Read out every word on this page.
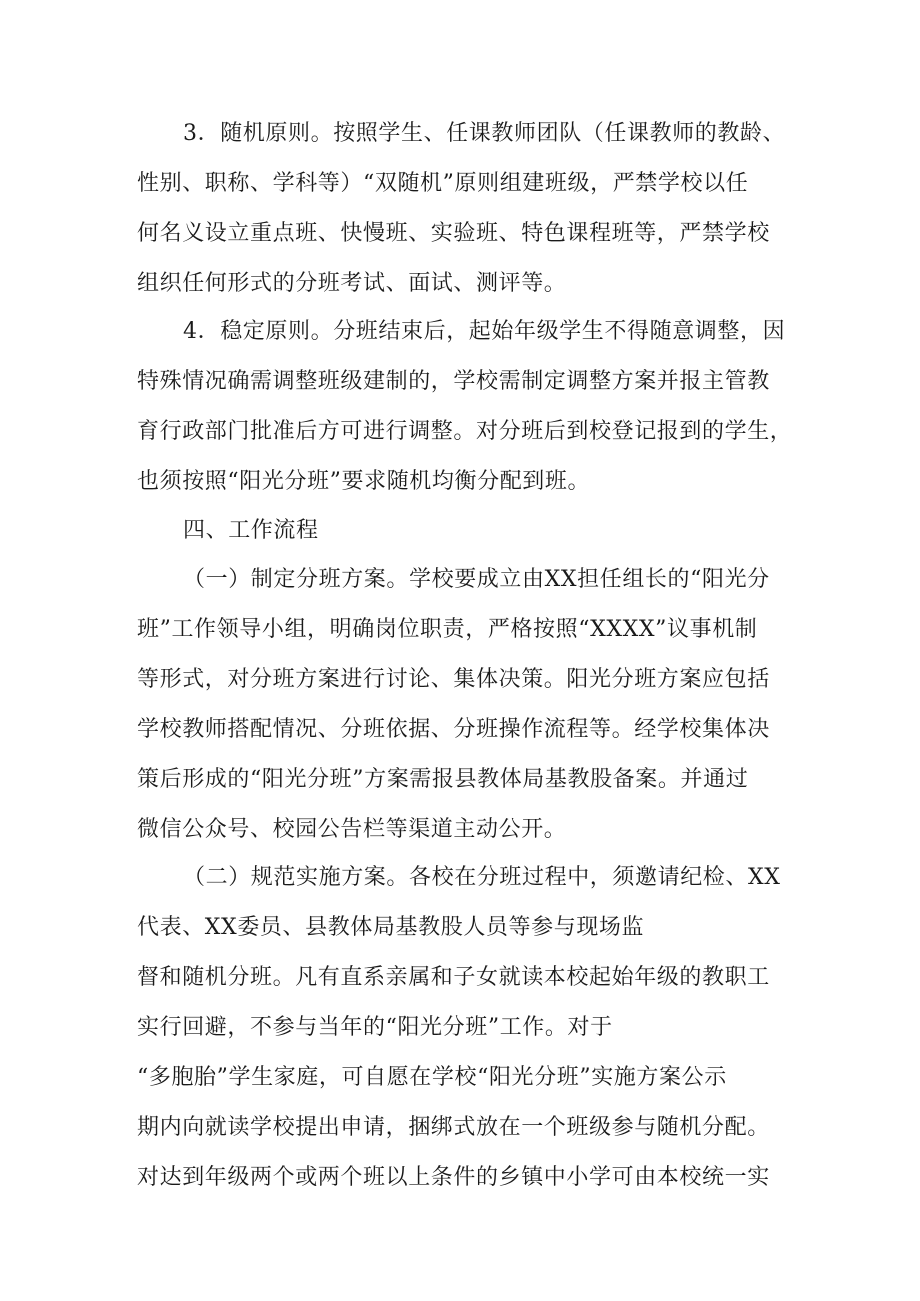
3．随机原则。按照学生、任课教师团队（任课教师的教龄、
性别、职称、学科等）“双随机”原则组建班级，严禁学校以任
何名义设立重点班、快慢班、实验班、特色课程班等，严禁学校
组织任何形式的分班考试、面试、测评等。
4．稳定原则。分班结束后，起始年级学生不得随意调整，因
特殊情况确需调整班级建制的，学校需制定调整方案并报主管教
育行政部门批准后方可进行调整。对分班后到校登记报到的学生，
也须按照“阳光分班”要求随机均衡分配到班。
四、工作流程
（一）制定分班方案。学校要成立由XX担任组长的“阳光分
班”工作领导小组，明确岗位职责，严格按照“XXXX”议事机制
等形式，对分班方案进行讨论、集体决策。阳光分班方案应包括
学校教师搭配情况、分班依据、分班操作流程等。经学校集体决
策后形成的“阳光分班”方案需报县教体局基教股备案。并通过
微信公众号、校园公告栏等渠道主动公开。
（二）规范实施方案。各校在分班过程中，须邀请纪检、XX
代表、XX委员、县教体局基教股人员等参与现场监
督和随机分班。凡有直系亲属和子女就读本校起始年级的教职工
实行回避，不参与当年的“阳光分班”工作。对于
“多胞胎”学生家庭，可自愿在学校“阳光分班”实施方案公示
期内向就读学校提出申请，捆绑式放在一个班级参与随机分配。
对达到年级两个或两个班以上条件的乡镇中小学可由本校统一实
